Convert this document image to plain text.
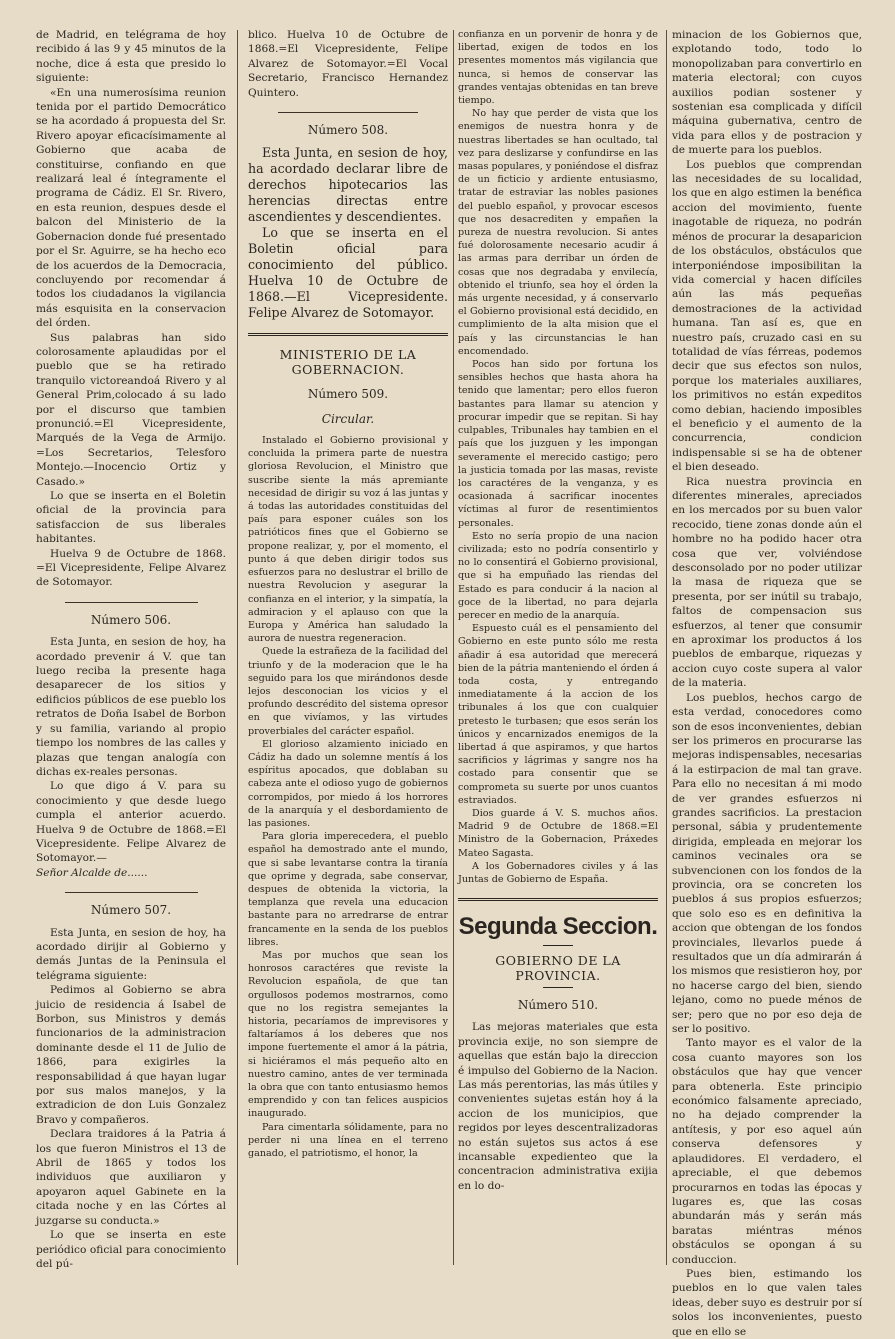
de Madrid, en telégrama de hoy recibido á las 9 y 45 minutos de la noche, dice á esta que presido lo siguiente:

«En una numerosísima reunion tenida por el partido Democrático se ha acordado á propuesta del Sr. Rivero apoyar eficacísimamente al Gobierno que acaba de constituirse, confiando en que realizará leal é íntegramente el programa de Cádiz. El Sr. Rivero, en esta reunion, despues desde el balcon del Ministerio de la Gobernacion donde fué presentado por el Sr. Aguirre, se ha hecho eco de los acuerdos de la Democracia, concluyendo por recomendar á todos los ciudadanos la vigilancia más esquisita en la conservacion del órden.

Sus palabras han sido colorosamente aplaudidas por el pueblo que se ha retirado tranquilo victoreandoá Rivero y al General Prim,colocado á su lado por el discurso que tambien pronunció.=El Vicepresidente, Marqués de la Vega de Armijo. =Los Secretarios, Telesforo Montejo.—Inocencio Ortiz y Casado.»

Lo que se inserta en el Boletin oficial de la provincia para satisfaccion de sus liberales habitantes.

Huelva 9 de Octubre de 1868. =El Vicepresidente, Felipe Alvarez de Sotomayor.

Número 506.

Esta Junta, en sesion de hoy, ha acordado prevenir á V. que tan luego reciba la presente haga desaparecer de los sitios y edificios públicos de ese pueblo los retratos de Doña Isabel de Borbon y su familia, variando al propio tiempo los nombres de las calles y plazas que tengan analogía con dichas ex-reales personas.

Lo que digo á V. para su conocimiento y que desde luego cumpla el anterior acuerdo. Huelva 9 de Octubre de 1868.=El Vicepresidente. Felipe Alvarez de Sotomayor.—

Señor Alcalde de......

Número 507.

Esta Junta, en sesion de hoy, ha acordado dirijir al Gobierno y demás Juntas de la Peninsula el telégrama siguiente:

Pedimos al Gobierno se abra juicio de residencia á Isabel de Borbon, sus Ministros y demás funcionarios de la administracion dominante desde el 11 de Julio de 1866, para exigirles la responsabilidad á que hayan lugar por sus malos manejos, y la extradicion de don Luis Gonzalez Bravo y compañeros.

Declara traidores á la Patria á los que fueron Ministros el 13 de Abril de 1865 y todos los individuos que auxiliaron y apoyaron aquel Gabinete en la citada noche y en las Córtes al juzgarse su conducta.»

Lo que se inserta en este periódico oficial para conocimiento del pú-

blico. Huelva 10 de Octubre de 1868.=El Vicepresidente, Felipe Alvarez de Sotomayor.=El Vocal Secretario, Francisco Hernandez Quintero.

Número 508.

Esta Junta, en sesion de hoy, ha acordado declarar libre de derechos hipotecarios las herencias directas entre ascendientes y descendientes.

Lo que se inserta en el Boletin oficial para conocimiento del público. Huelva 10 de Octubre de 1868.—El Vicepresidente. Felipe Alvarez de Sotomayor.

MINISTERIO DE LA GOBERNACION.
Número 509.
Circular.

Instalado el Gobierno provisional y concluida la primera parte de nuestra gloriosa Revolucion, el Ministro que suscribe siente la más apremiante necesidad de dirigir su voz á las juntas y á todas las autoridades constituidas del país para esponer cuáles son los patrióticos fines que el Gobierno se propone realizar, y, por el momento, el punto á que deben dirigir todos sus esfuerzos para no deslustrar el brillo de nuestra Revolucion y asegurar la confianza en el interior, y la simpatía, la admiracion y el aplauso con que la Europa y América han saludado la aurora de nuestra regeneracion.

Quede la estrañeza de la facilidad del triunfo y de la moderacion que le ha seguido para los que mirándonos desde lejos desconocian los vicios y el profundo descrédito del sistema opresor en que vivíamos, y las virtudes proverbiales del carácter español.

El glorioso alzamiento iniciado en Cádiz ha dado un solemne mentís á los espíritus apocados, que doblaban su cabeza ante el odioso yugo de gobiernos corrompidos, por miedo á los horrores de la anarquía y el desbordamiento de las pasiones.

Para gloria imperecedera, el pueblo español ha demostrado ante el mundo, que si sabe levantarse contra la tiranía que oprime y degrada, sabe conservar, despues de obtenida la victoria, la templanza que revela una educacion bastante para no arredrarse de entrar francamente en la senda de los pueblos libres.

Mas por muchos que sean los honrosos caractéres que reviste la Revolucion española, de que tan orgullosos podemos mostrarnos, como que no los registra semejantes la historia, pecaríamos de imprevisores y faltaríamos á los deberes que nos impone fuertemente el amor á la pátria, si hiciéramos el más pequeño alto en nuestro camino, antes de ver terminada la obra que con tanto entusiasmo hemos emprendido y con tan felices auspicios inaugurado.

Para cimentarla sólidamente, para no perder ni una línea en el terreno ganado, el patriotismo, el honor, la

confianza en un porvenir de honra y de libertad, exigen de todos en los presentes momentos más vigilancia que nunca, si hemos de conservar las grandes ventajas obtenidas en tan breve tiempo.

No hay que perder de vista que los enemigos de nuestra honra y de nuestras libertades se han ocultado, tal vez para deslizarse y confundirse en las masas populares, y poniéndose el disfraz de un ficticio y ardiente entusiasmo, tratar de estraviar las nobles pasiones del pueblo español, y provocar escesos que nos desacrediten y empañen la pureza de nuestra revolucion. Si antes fué dolorosamente necesario acudir á las armas para derribar un órden de cosas que nos degradaba y envilecía, obtenido el triunfo, sea hoy el órden la más urgente necesidad, y á conservarlo el Gobierno provisional está decidido, en cumplimiento de la alta mision que el país y las circunstancias le han encomendado.

Pocos han sido por fortuna los sensibles hechos que hasta ahora ha tenido que lamentar; pero ellos fueron bastantes para llamar su atencion y procurar impedir que se repitan. Si hay culpables, Tribunales hay tambien en el país que los juzguen y les impongan severamente el merecido castigo; pero la justicia tomada por las masas, reviste los caractéres de la venganza, y es ocasionada á sacrificar inocentes víctimas al furor de resentimientos personales.

Esto no sería propio de una nacion civilizada; esto no podría consentirlo y no lo consentirá el Gobierno provisional, que si ha empuñado las riendas del Estado es para conducir á la nacion al goce de la libertad, no para dejarla perecer en medio de la anarquía.

Espuesto cuál es el pensamiento del Gobierno en este punto sólo me resta añadir á esa autoridad que merecerá bien de la pátria manteniendo el órden á toda costa, y entregando inmediatamente á la accion de los tribunales á los que con cualquier pretesto le turbasen; que esos serán los únicos y encarnizados enemigos de la libertad á que aspiramos, y que hartos sacrificios y lágrimas y sangre nos ha costado para consentir que se comprometa su suerte por unos cuantos estraviados.

Dios guarde á V. S. muchos años. Madrid 9 de Octubre de 1868.=El Ministro de la Gobernacion, Práxedes Mateo Sagasta.

A los Gobernadores civiles y á las Juntas de Gobierno de España.

Segunda Seccion.
GOBIERNO DE LA PROVINCIA.
Número 510.

Las mejoras materiales que esta provincia exije, no son siempre de aquellas que están bajo la direccion é impulso del Gobierno de la Nacion. Las más perentorias, las más útiles y convenientes sujetas están hoy á la accion de los municipios, que regidos por leyes descentralizadoras no están sujetos sus actos á ese incansable expedienteo que la concentracion administrativa exijia en lo do-

minacion de los Gobiernos que, explotando todo, todo lo monopolizaban para convertirlo en materia electoral; con cuyos auxilios podian sostener y sostenian esa complicada y difícil máquina gubernativa, centro de vida para ellos y de postracion y de muerte para los pueblos.

Los pueblos que comprendan las necesidades de su localidad, los que en algo estimen la benéfica accion del movimiento, fuente inagotable de riqueza, no podrán ménos de procurar la desaparicion de los obstáculos, obstáculos que interponiéndose imposibilitan la vida comercial y hacen difíciles aún las más pequeñas demostraciones de la actividad humana. Tan así es, que en nuestro país, cruzado casi en su totalidad de vías férreas, podemos decir que sus efectos son nulos, porque los materiales auxiliares, los primitivos no están expeditos como debian, haciendo imposibles el beneficio y el aumento de la concurrencia, condicion indispensable si se ha de obtener el bien deseado.

Rica nuestra provincia en diferentes minerales, apreciados en los mercados por su buen valor recocido, tiene zonas donde aún el hombre no ha podido hacer otra cosa que ver, volviéndose desconsolado por no poder utilizar la masa de riqueza que se presenta, por ser inútil su trabajo, faltos de compensacion sus esfuerzos, al tener que consumir en aproximar los productos á los pueblos de embarque, riquezas y accion cuyo coste supera al valor de la materia.

Los pueblos, hechos cargo de esta verdad, conocedores como son de esos inconvenientes, debian ser los primeros en procurarse las mejoras indispensables, necesarias á la estirpacion de mal tan grave. Para ello no necesitan á mi modo de ver grandes esfuerzos ni grandes sacrificios. La prestacion personal, sábia y prudentemente dirigida, empleada en mejorar los caminos vecinales ora se subvencionen con los fondos de la provincia, ora se concreten los pueblos á sus propios esfuerzos; que solo eso es en definitiva la accion que obtengan de los fondos provinciales, llevarlos puede á resultados que un día admirarán á los mismos que resistieron hoy, por no hacerse cargo del bien, siendo lejano, como no puede ménos de ser; pero que no por eso deja de ser lo positivo.

Tanto mayor es el valor de la cosa cuanto mayores son los obstáculos que hay que vencer para obtenerla. Este principio económico falsamente apreciado, no ha dejado comprender la antítesis, y por eso aquel aún conserva defensores y aplaudidores. El verdadero, el apreciable, el que debemos procurarnos en todas las épocas y lugares es, que las cosas abundarán más y serán más baratas miéntras ménos obstáculos se opongan á su conduccion.

Pues bien, estimando los pueblos en lo que valen tales ideas, deber suyo es destruir por sí solos los inconvenientes, puesto que en ello se
